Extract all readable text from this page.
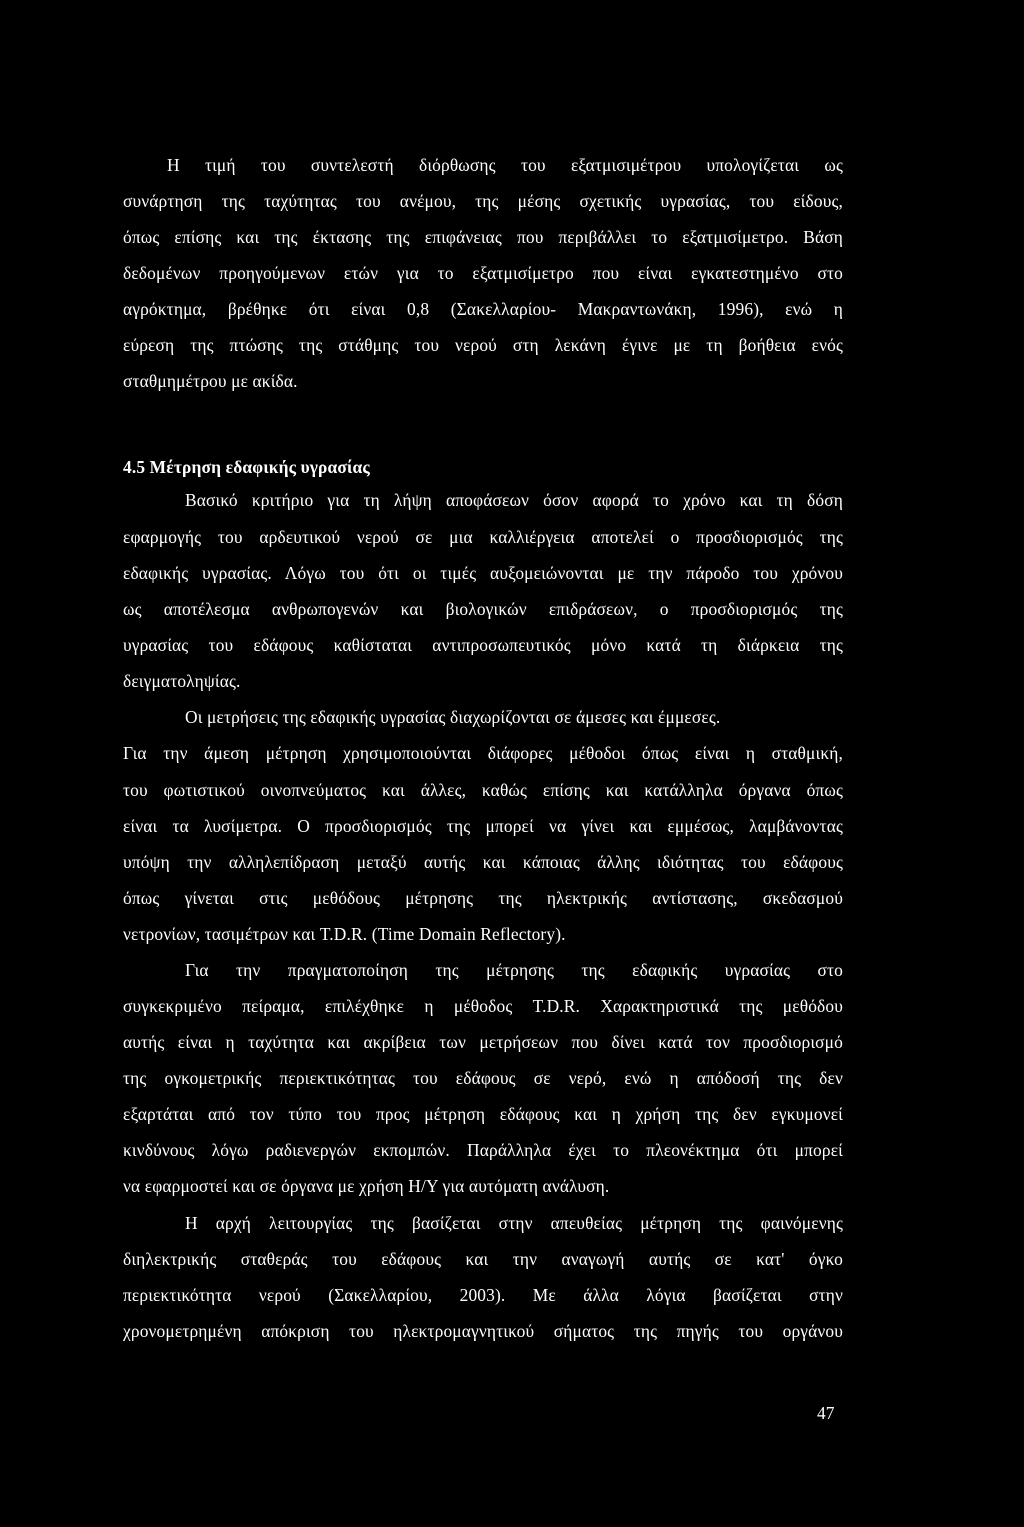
Η τιμή του συντελεστή διόρθωσης του εξατμισιμέτρου υπολογίζεται ως
συνάρτηση της ταχύτητας του ανέμου, της μέσης σχετικής υγρασίας, του είδους,
όπως επίσης και της έκτασης της επιφάνειας που περιβάλλει το εξατμισίμετρο. Βάση
δεδομένων προηγούμενων ετών για το εξατμισίμετρο που είναι εγκατεστημένο στο
αγρόκτημα, βρέθηκε ότι είναι 0,8 (Σακελλαρίου- Μακραντωνάκη, 1996), ενώ η
εύρεση της πτώσης της στάθμης του νερού στη λεκάνη έγινε με τη βοήθεια ενός
σταθμημέτρου με ακίδα.
4.5 Μέτρηση εδαφικής υγρασίας
Βασικό κριτήριο για τη λήψη αποφάσεων όσον αφορά το χρόνο και τη δόση
εφαρμογής του αρδευτικού νερού σε μια καλλιέργεια αποτελεί ο προσδιορισμός της
εδαφικής υγρασίας. Λόγω του ότι οι τιμές αυξομειώνονται με την πάροδο του χρόνου
ως αποτέλεσμα ανθρωπογενών και βιολογικών επιδράσεων, ο προσδιορισμός της
υγρασίας του εδάφους καθίσταται αντιπροσωπευτικός μόνο κατά τη διάρκεια της
δειγματοληψίας.
Οι μετρήσεις της εδαφικής υγρασίας διαχωρίζονται σε άμεσες και έμμεσες.
Για την άμεση μέτρηση χρησιμοποιούνται διάφορες μέθοδοι όπως είναι η σταθμική,
του φωτιστικού οινοπνεύματος και άλλες, καθώς επίσης και κατάλληλα όργανα όπως
είναι τα λυσίμετρα. Ο προσδιορισμός της μπορεί να γίνει και εμμέσως, λαμβάνοντας
υπόψη την αλληλεπίδραση μεταξύ αυτής και κάποιας άλλης ιδιότητας του εδάφους
όπως γίνεται στις μεθόδους μέτρησης της ηλεκτρικής αντίστασης, σκεδασμού
νετρονίων, τασιμέτρων και T.D.R. (Time Domain Reflectory).
Για την πραγματοποίηση της μέτρησης της εδαφικής υγρασίας στο
συγκεκριμένο πείραμα, επιλέχθηκε η μέθοδος T.D.R. Χαρακτηριστικά της μεθόδου
αυτής είναι η ταχύτητα και ακρίβεια των μετρήσεων που δίνει κατά τον προσδιορισμό
της ογκομετρικής περιεκτικότητας του εδάφους σε νερό, ενώ η απόδοσή της δεν
εξαρτάται από τον τύπο του προς μέτρηση εδάφους και η χρήση της δεν εγκυμονεί
κινδύνους λόγω ραδιενεργών εκπομπών. Παράλληλα έχει το πλεονέκτημα ότι μπορεί
να εφαρμοστεί και σε όργανα με χρήση Η/Υ για αυτόματη ανάλυση.
Η αρχή λειτουργίας της βασίζεται στην απευθείας μέτρηση της φαινόμενης
διηλεκτρικής σταθεράς του εδάφους και την αναγωγή αυτής σε κατ' όγκο
περιεκτικότητα νερού (Σακελλαρίου, 2003). Με άλλα λόγια βασίζεται στην
χρονομετρημένη απόκριση του ηλεκτρομαγνητικού σήματος της πηγής του οργάνου
47
